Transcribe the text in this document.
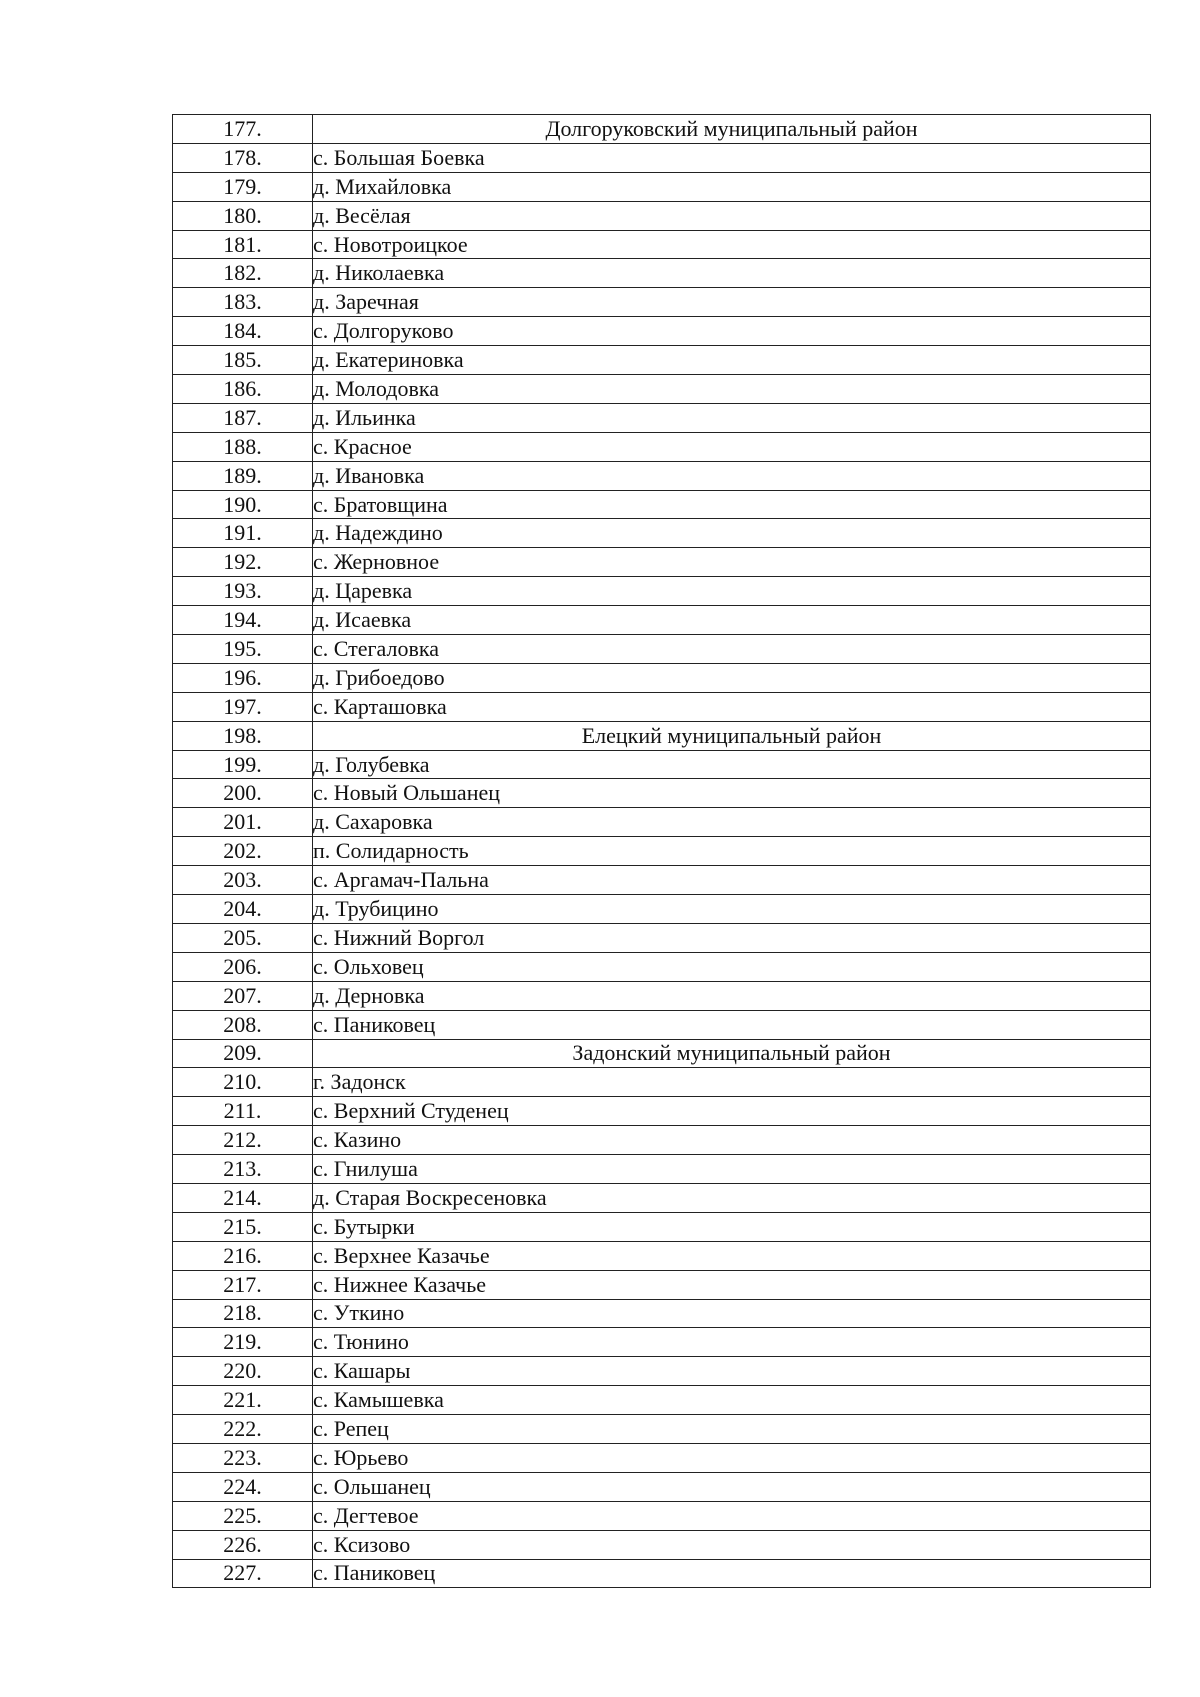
177.	Долгоруковский муниципальный район
178.	с. Большая Боевка
179.	д. Михайловка
180.	д. Весёлая
181.	с. Новотроицкое
182.	д. Николаевка
183.	д. Заречная
184.	с. Долгоруково
185.	д. Екатериновка
186.	д. Молодовка
187.	д. Ильинка
188.	с. Красное
189.	д. Ивановка
190.	с. Братовщина
191.	д. Надеждино
192.	с. Жерновное
193.	д. Царевка
194.	д. Исаевка
195.	с. Стегаловка
196.	д. Грибоедово
197.	с. Карташовка
198.	Елецкий муниципальный район
199.	д. Голубевка
200.	с. Новый Ольшанец
201.	д. Сахаровка
202.	п. Солидарность
203.	с. Аргамач-Пальна
204.	д. Трубицино
205.	с. Нижний Воргол
206.	с. Ольховец
207.	д. Дерновка
208.	с. Паниковец
209.	Задонский муниципальный район
210.	г. Задонск
211.	с. Верхний Студенец
212.	с. Казино
213.	с. Гнилуша
214.	д. Старая Воскресеновка
215.	с. Бутырки
216.	с. Верхнее Казачье
217.	с. Нижнее Казачье
218.	с. Уткино
219.	с. Тюнино
220.	с. Кашары
221.	с. Камышевка
222.	с. Репец
223.	с. Юрьево
224.	с. Ольшанец
225.	с. Дегтевое
226.	с. Ксизово
227.	с. Паниковец
